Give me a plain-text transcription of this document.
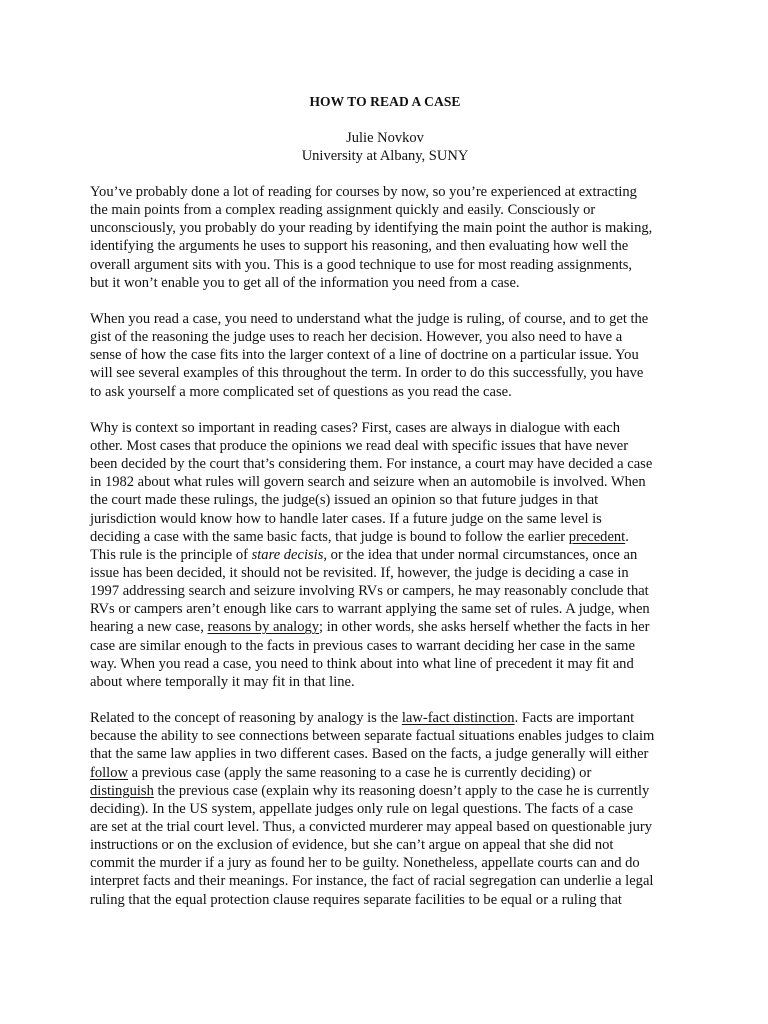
HOW TO READ A CASE
Julie Novkov
University at Albany, SUNY

You’ve probably done a lot of reading for courses by now, so you’re experienced at extracting
the main points from a complex reading assignment quickly and easily. Consciously or
unconsciously, you probably do your reading by identifying the main point the author is making,
identifying the arguments he uses to support his reasoning, and then evaluating how well the
overall argument sits with you. This is a good technique to use for most reading assignments,
but it won’t enable you to get all of the information you need from a case.

When you read a case, you need to understand what the judge is ruling, of course, and to get the
gist of the reasoning the judge uses to reach her decision. However, you also need to have a
sense of how the case fits into the larger context of a line of doctrine on a particular issue. You
will see several examples of this throughout the term. In order to do this successfully, you have
to ask yourself a more complicated set of questions as you read the case.

Why is context so important in reading cases? First, cases are always in dialogue with each
other. Most cases that produce the opinions we read deal with specific issues that have never
been decided by the court that’s considering them. For instance, a court may have decided a case
in 1982 about what rules will govern search and seizure when an automobile is involved. When
the court made these rulings, the judge(s) issued an opinion so that future judges in that
jurisdiction would know how to handle later cases. If a future judge on the same level is
deciding a case with the same basic facts, that judge is bound to follow the earlier precedent.
This rule is the principle of stare decisis, or the idea that under normal circumstances, once an
issue has been decided, it should not be revisited. If, however, the judge is deciding a case in
1997 addressing search and seizure involving RVs or campers, he may reasonably conclude that
RVs or campers aren’t enough like cars to warrant applying the same set of rules. A judge, when
hearing a new case, reasons by analogy; in other words, she asks herself whether the facts in her
case are similar enough to the facts in previous cases to warrant deciding her case in the same
way. When you read a case, you need to think about into what line of precedent it may fit and
about where temporally it may fit in that line.

Related to the concept of reasoning by analogy is the law-fact distinction. Facts are important
because the ability to see connections between separate factual situations enables judges to claim
that the same law applies in two different cases. Based on the facts, a judge generally will either
follow a previous case (apply the same reasoning to a case he is currently deciding) or
distinguish the previous case (explain why its reasoning doesn’t apply to the case he is currently
deciding). In the US system, appellate judges only rule on legal questions. The facts of a case
are set at the trial court level. Thus, a convicted murderer may appeal based on questionable jury
instructions or on the exclusion of evidence, but she can’t argue on appeal that she did not
commit the murder if a jury as found her to be guilty. Nonetheless, appellate courts can and do
interpret facts and their meanings. For instance, the fact of racial segregation can underlie a legal
ruling that the equal protection clause requires separate facilities to be equal or a ruling that
